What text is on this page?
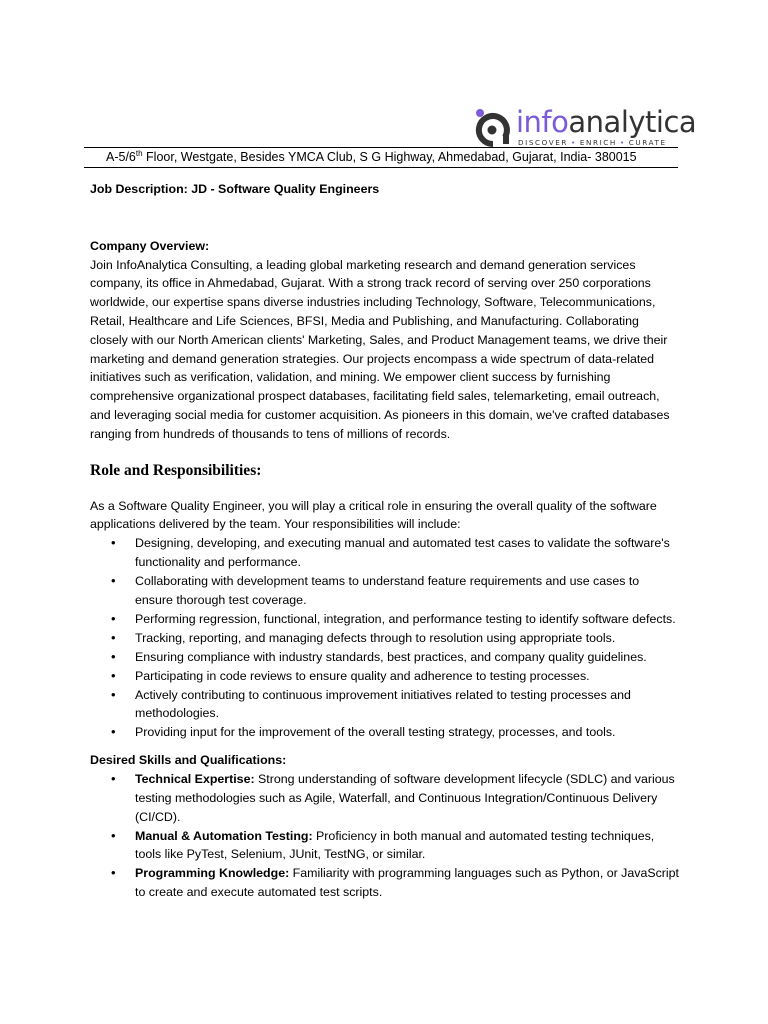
infoanalytica
DISCOVER • ENRICH • CURATE
A-5/6th Floor, Westgate, Besides YMCA Club, S G Highway, Ahmedabad, Gujarat, India- 380015

Job Description: JD - Software Quality Engineers

Company Overview:

Join InfoAnalytica Consulting, a leading global marketing research and demand generation services company, its office in Ahmedabad, Gujarat. With a strong track record of serving over 250 corporations worldwide, our expertise spans diverse industries including Technology, Software, Telecommunications, Retail, Healthcare and Life Sciences, BFSI, Media and Publishing, and Manufacturing. Collaborating closely with our North American clients' Marketing, Sales, and Product Management teams, we drive their marketing and demand generation strategies. Our projects encompass a wide spectrum of data-related initiatives such as verification, validation, and mining. We empower client success by furnishing comprehensive organizational prospect databases, facilitating field sales, telemarketing, email outreach, and leveraging social media for customer acquisition. As pioneers in this domain, we've crafted databases ranging from hundreds of thousands to tens of millions of records.

Role and Responsibilities:

As a Software Quality Engineer, you will play a critical role in ensuring the overall quality of the software applications delivered by the team. Your responsibilities will include:

• Designing, developing, and executing manual and automated test cases to validate the software's functionality and performance.
• Collaborating with development teams to understand feature requirements and use cases to ensure thorough test coverage.
• Performing regression, functional, integration, and performance testing to identify software defects.
• Tracking, reporting, and managing defects through to resolution using appropriate tools.
• Ensuring compliance with industry standards, best practices, and company quality guidelines.
• Participating in code reviews to ensure quality and adherence to testing processes.
• Actively contributing to continuous improvement initiatives related to testing processes and methodologies.
• Providing input for the improvement of the overall testing strategy, processes, and tools.

Desired Skills and Qualifications:

• Technical Expertise: Strong understanding of software development lifecycle (SDLC) and various testing methodologies such as Agile, Waterfall, and Continuous Integration/Continuous Delivery (CI/CD).
• Manual & Automation Testing: Proficiency in both manual and automated testing techniques, tools like PyTest, Selenium, JUnit, TestNG, or similar.
• Programming Knowledge: Familiarity with programming languages such as Python, or JavaScript to create and execute automated test scripts.
